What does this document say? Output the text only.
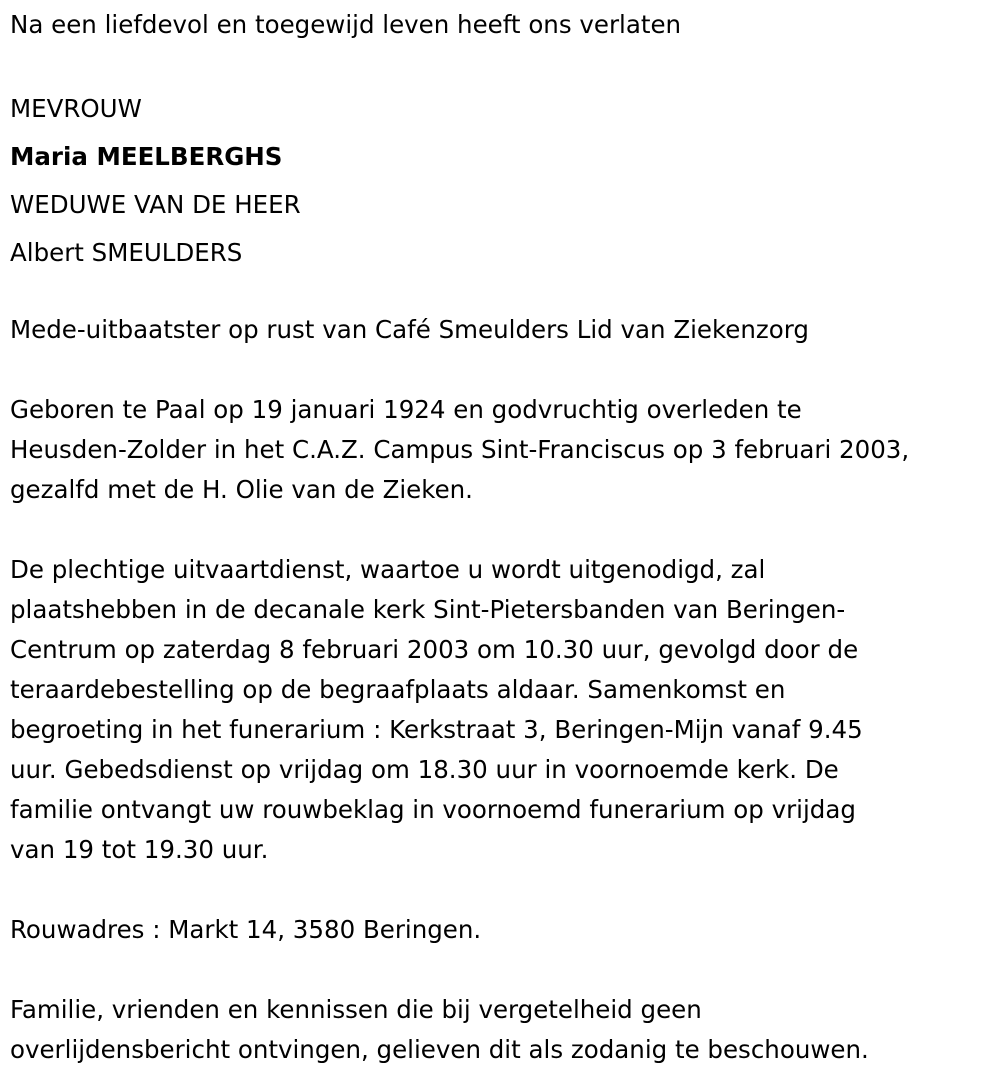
Na een liefdevol en toegewijd leven heeft ons verlaten

MEVROUW

Maria MEELBERGHS

WEDUWE VAN DE HEER

Albert SMEULDERS

Mede-uitbaatster op rust van Café Smeulders Lid van Ziekenzorg

Geboren te Paal op 19 januari 1924 en godvruchtig overleden te

Heusden-Zolder in het C.A.Z. Campus Sint-Franciscus op 3 februari 2003,

gezalfd met de H. Olie van de Zieken.

De plechtige uitvaartdienst, waartoe u wordt uitgenodigd, zal

plaatshebben in de decanale kerk Sint-Pietersbanden van Beringen-

Centrum op zaterdag 8 februari 2003 om 10.30 uur, gevolgd door de

teraardebestelling op de begraafplaats aldaar. Samenkomst en

begroeting in het funerarium : Kerkstraat 3, Beringen-Mijn vanaf 9.45

uur. Gebedsdienst op vrijdag om 18.30 uur in voornoemde kerk. De

familie ontvangt uw rouwbeklag in voornoemd funerarium op vrijdag

van 19 tot 19.30 uur.

Rouwadres : Markt 14, 3580 Beringen.

Familie, vrienden en kennissen die bij vergetelheid geen

overlijdensbericht ontvingen, gelieven dit als zodanig te beschouwen.
